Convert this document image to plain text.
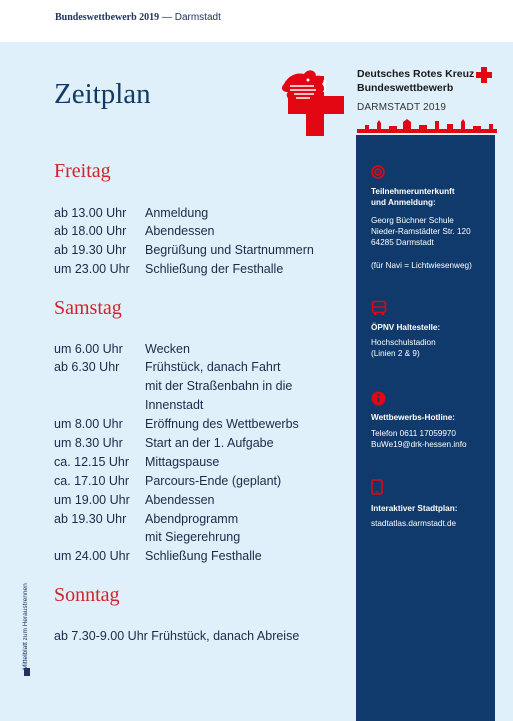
Bundeswettbewerb 2019 — Darmstadt
Deutsches Rotes Kreuz
Bundeswettbewerb
DARMSTADT 2019
Zeitplan
Freitag
ab 13.00 Uhr Anmeldung
ab 18.00 Uhr Abendessen
ab 19.30 Uhr Begrüßung und Startnummern
um 23.00 Uhr Schließung der Festhalle
Samstag
um 6.00 Uhr Wecken
ab 6.30 Uhr Frühstück, danach Fahrt
mit der Straßenbahn in die
Innenstadt
um 8.00 Uhr Eröffnung des Wettbewerbs
um 8.30 Uhr Start an der 1. Aufgabe
ca. 12.15 Uhr Mittagspause
ca. 17.10 Uhr Parcours-Ende (geplant)
um 19.00 Uhr Abendessen
ab 19.30 Uhr Abendprogramm
mit Siegerehrung
um 24.00 Uhr Schließung Festhalle
Sonntag
ab 7.30-9.00 Uhr Frühstück, danach Abreise
Teilnehmerunterkunft
und Anmeldung:
Georg Büchner Schule
Nieder-Ramstädter Str. 120
64285 Darmstadt
(für Navi = Lichtwiesenweg)
ÖPNV Haltestelle:
Hochschulstadion
(Linien 2 & 9)
Wettbewerbs-Hotline:
Telefon 0611 17059970
BuWe19@drk-hessen.info
Interaktiver Stadtplan:
stadtatlas.darmstadt.de
Mittelblatt zum Heraustrennen
